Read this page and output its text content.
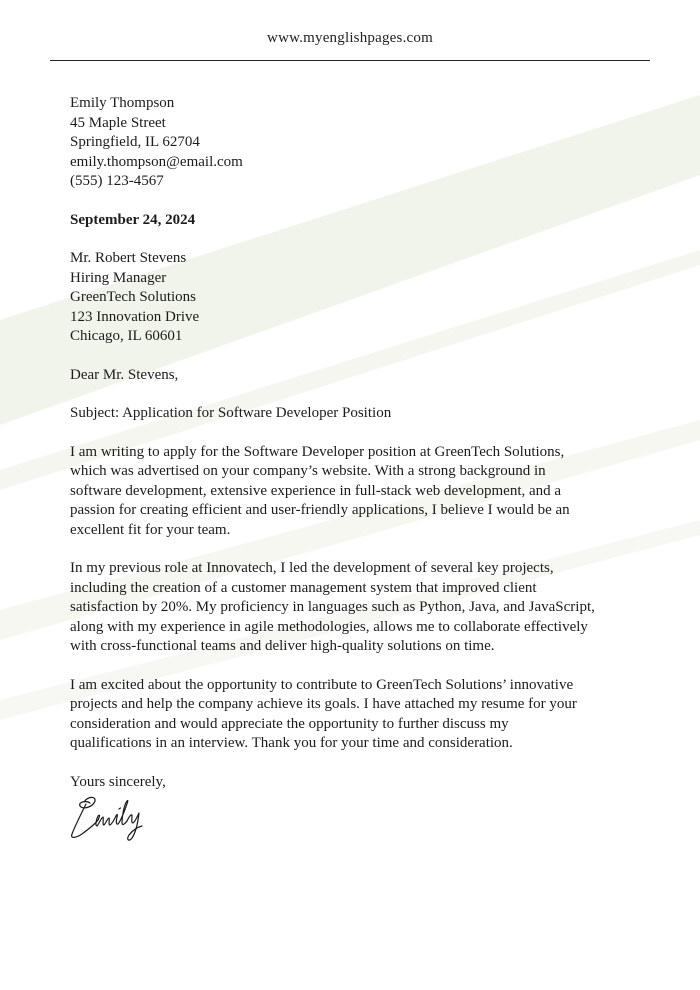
www.myenglishpages.com
Emily Thompson
45 Maple Street
Springfield, IL 62704
emily.thompson@email.com
(555) 123-4567
September 24, 2024
Mr. Robert Stevens
Hiring Manager
GreenTech Solutions
123 Innovation Drive
Chicago, IL 60601
Dear Mr. Stevens,
Subject: Application for Software Developer Position
I am writing to apply for the Software Developer position at GreenTech Solutions,
which was advertised on your company’s website. With a strong background in
software development, extensive experience in full-stack web development, and a
passion for creating efficient and user-friendly applications, I believe I would be an
excellent fit for your team.
In my previous role at Innovatech, I led the development of several key projects,
including the creation of a customer management system that improved client
satisfaction by 20%. My proficiency in languages such as Python, Java, and JavaScript,
along with my experience in agile methodologies, allows me to collaborate effectively
with cross-functional teams and deliver high-quality solutions on time.
I am excited about the opportunity to contribute to GreenTech Solutions’ innovative
projects and help the company achieve its goals. I have attached my resume for your
consideration and would appreciate the opportunity to further discuss my
qualifications in an interview. Thank you for your time and consideration.
Yours sincerely,
